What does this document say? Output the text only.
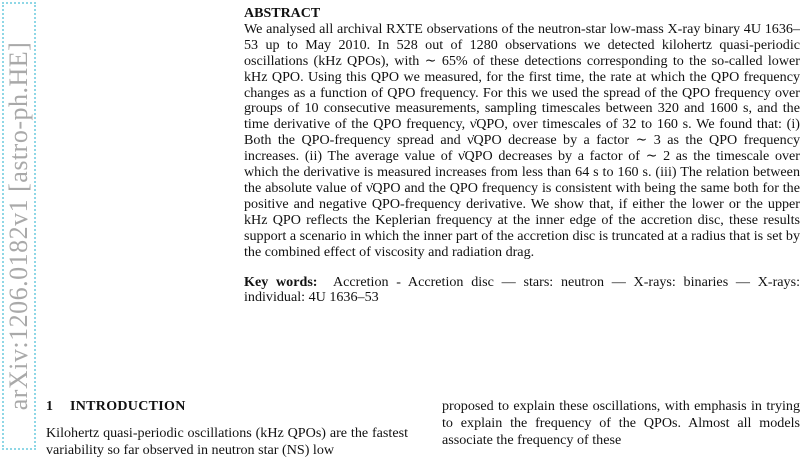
arXiv:1206.0182v1 [astro-ph.HE]
ABSTRACT

We analysed all archival RXTE observations of the neutron-star low-mass X-ray binary 4U 1636–53 up to May 2010. In 528 out of 1280 observations we detected kilohertz quasi-periodic oscillations (kHz QPOs), with ∼ 65% of these detections corresponding to the so-called lower kHz QPO. Using this QPO we measured, for the first time, the rate at which the QPO frequency changes as a function of QPO frequency. For this we used the spread of the QPO frequency over groups of 10 consecutive measurements, sampling timescales between 320 and 1600 s, and the time derivative of the QPO frequency, ν̇QPO, over timescales of 32 to 160 s. We found that: (i) Both the QPO-frequency spread and ν̇QPO decrease by a factor ∼ 3 as the QPO frequency increases. (ii) The average value of ν̇QPO decreases by a factor of ∼ 2 as the timescale over which the derivative is measured increases from less than 64 s to 160 s. (iii) The relation between the absolute value of ν̇QPO and the QPO frequency is consistent with being the same both for the positive and negative QPO-frequency derivative. We show that, if either the lower or the upper kHz QPO reflects the Keplerian frequency at the inner edge of the accretion disc, these results support a scenario in which the inner part of the accretion disc is truncated at a radius that is set by the combined effect of viscosity and radiation drag.

Key words: Accretion - Accretion disc — stars: neutron — X-rays: binaries — X-rays: individual: 4U 1636–53
1 INTRODUCTION

Kilohertz quasi-periodic oscillations (kHz QPOs) are the fastest variability so far observed in neutron star (NS) low

proposed to explain these oscillations, with emphasis in trying to explain the frequency of the QPOs. Almost all models associate the frequency of these
